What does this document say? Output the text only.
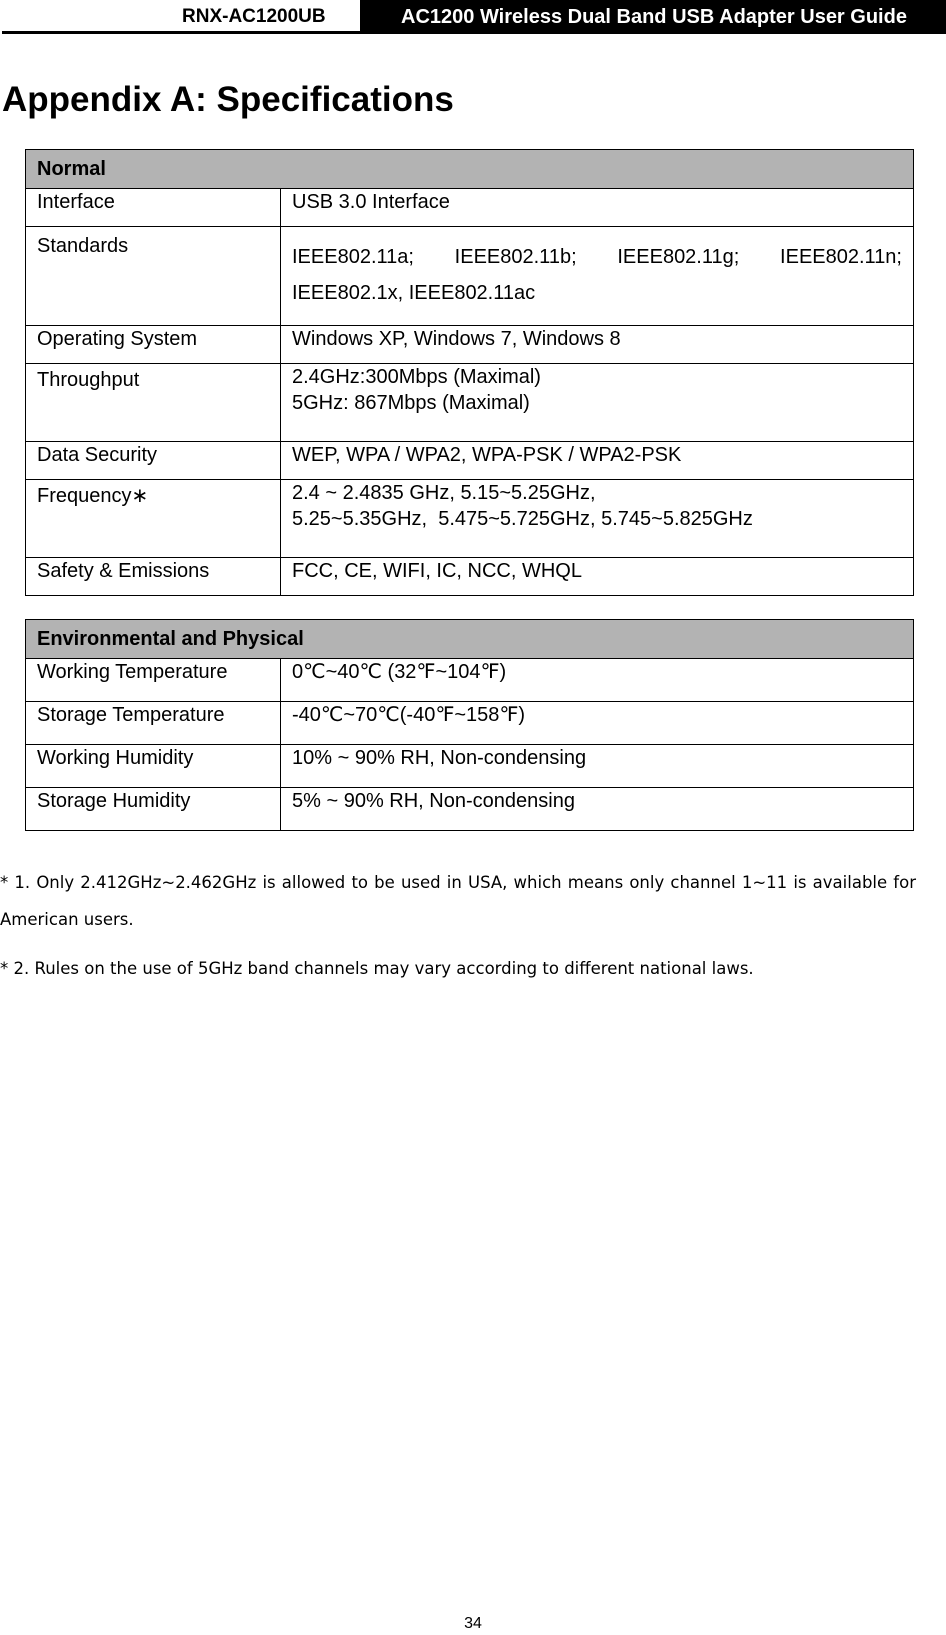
RNX-AC1200UB	AC1200 Wireless Dual Band USB Adapter User Guide
Appendix A: Specifications
Normal	
Interface	USB 3.0 Interface
Standards	IEEE802.11a; IEEE802.11b; IEEE802.11g; IEEE802.11n;
IEEE802.1x, IEEE802.11ac
Operating System	Windows XP, Windows 7, Windows 8
Throughput	2.4GHz:300Mbps (Maximal)
5GHz: 867Mbps (Maximal)

Data Security	WEP, WPA / WPA2, WPA-PSK / WPA2-PSK
Frequency∗	2.4 ~ 2.4835 GHz, 5.15~5.25GHz,
5.25~5.35GHz,  5.475~5.725GHz, 5.745~5.825GHz

Safety & Emissions	FCC, CE, WIFI, IC, NCC, WHQL
Environmental and Physical	
Working Temperature	0℃~40℃ (32℉~104℉)
Storage Temperature	-40℃~70℃(-40℉~158℉)
Working Humidity	10% ~ 90% RH, Non-condensing
Storage Humidity	5% ~ 90% RH, Non-condensing

* 1. Only 2.412GHz~2.462GHz is allowed to be used in USA, which means only channel 1~11 is available for American users.

* 2. Rules on the use of 5GHz band channels may vary according to different national laws.

34
